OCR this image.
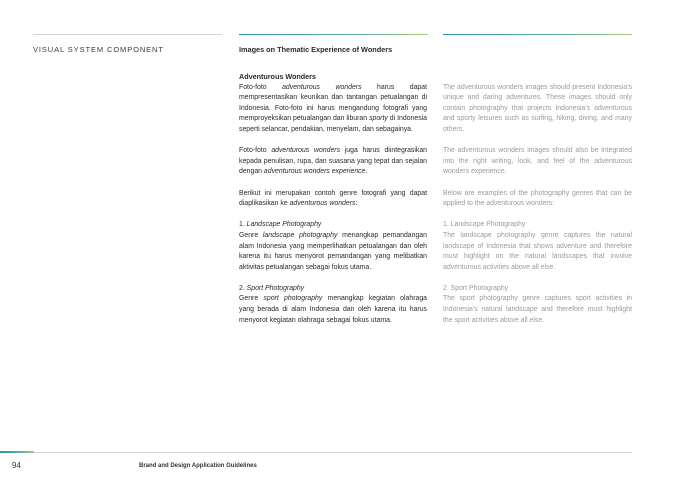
VISUAL SYSTEM COMPONENT	Images on Thematic Experience of Wonders
Adventurous Wonders

Foto-foto adventurous wonders harus dapat mempresentasikan keunikan dan tantangan petualangan di Indonesia. Foto-foto ini harus mengandung fotografi yang memproyeksikan petualangan dan liburan sporty di Indonesia seperti selancar, pendakian, menyelam, dan sebagainya.

Foto-foto adventurous wonders juga harus diintegrasikan kepada penulisan, rupa, dan suasana yang tepat dan sejalan dengan adventurous wonders experience.

Berikut ini merupakan contoh genre fotografi yang dapat diaplikasikan ke adventurous wonders:

1. Landscape Photography

Genre landscape photography menangkap pemandangan alam Indonesia yang memperlihatkan petualangan dan oleh karena itu harus menyorot pemandangan yang melibatkan aktivitas petualangan sebagai fokus utama.

2. Sport Photography

Genre sport photography menangkap kegiatan olahraga yang berada di alam Indonesia dan oleh karena itu harus menyorot kegiatan olahraga sebagai fokus utama.

The adventurous wonders images should present Indonesia's unique and daring adventures. These images should only contain photography that projects Indonesia's adventurous and sporty leisures such as surfing, hiking, diving, and many others.

The adventurous wonders images should also be integrated into the right writing, look, and feel of the adventurous wonders experience.

Below are examples of the photography genres that can be applied to the adventurous wonders:

1. Landscape Photography

The landscape photography genre captures the natural landscape of Indonesia that shows adventure and therefore must highlight on the natural landscapes that involve adventurous activities above all else.

2. Sport Photography

The sport photography genre captures sport activities in Indonesia's natural landscape and therefore must highlight the sport activities above all else.

94	Brand and Design Application Guidelines
